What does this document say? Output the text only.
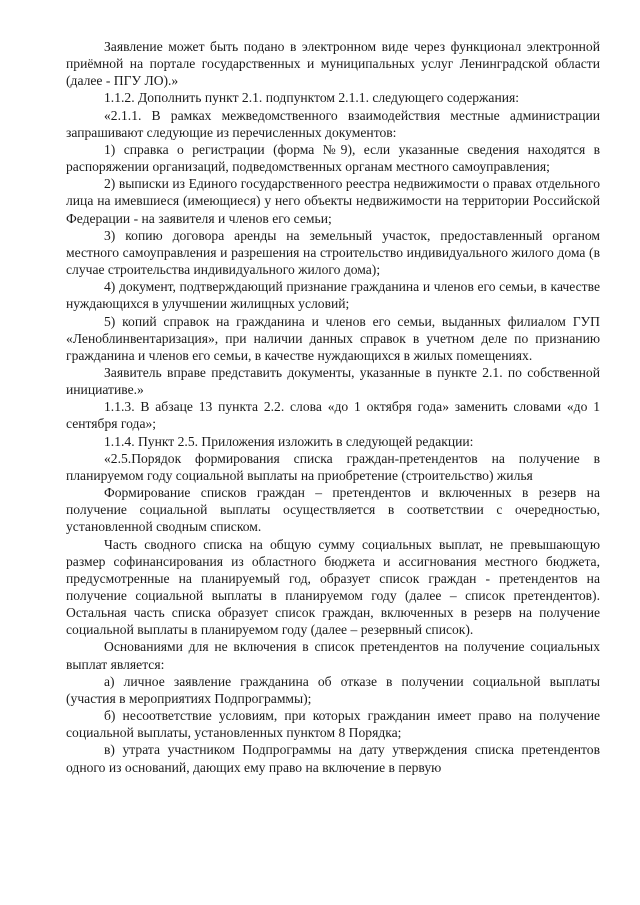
Заявление может быть подано в электронном виде через функционал электронной приёмной на портале государственных и муниципальных услуг Ленинградской области (далее - ПГУ ЛО).»

1.1.2. Дополнить пункт 2.1. подпунктом 2.1.1. следующего содержания:

«2.1.1. В рамках межведомственного взаимодействия местные администрации запрашивают следующие из перечисленных документов:

1) справка о регистрации (форма №9), если указанные сведения находятся в распоряжении организаций, подведомственных органам местного самоуправления;

2) выписки из Единого государственного реестра недвижимости о правах отдельного лица на имевшиеся (имеющиеся) у него объекты недвижимости на территории Российской Федерации - на заявителя и членов его семьи;

3) копию договора аренды на земельный участок, предоставленный органом местного самоуправления и разрешения на строительство индивидуального жилого дома (в случае строительства индивидуального жилого дома);

4) документ, подтверждающий признание гражданина и членов его семьи, в качестве нуждающихся в улучшении жилищных условий;

5) копий справок на гражданина и членов его семьи, выданных филиалом ГУП «Леноблинвентаризация», при наличии данных справок в учетном деле по признанию гражданина и членов его семьи, в качестве нуждающихся в жилых помещениях.

Заявитель вправе представить документы, указанные в пункте 2.1. по собственной инициативе.»

1.1.3. В абзаце 13 пункта 2.2. слова «до 1 октября года» заменить словами «до 1 сентября года»;

1.1.4. Пункт 2.5. Приложения изложить в следующей редакции:

«2.5.Порядок формирования списка граждан-претендентов на получение в планируемом году социальной выплаты на приобретение (строительство) жилья

Формирование списков граждан – претендентов и включенных в резерв на получение социальной выплаты осуществляется в соответствии с очередностью, установленной сводным списком.

Часть сводного списка на общую сумму социальных выплат, не превышающую размер софинансирования из областного бюджета и ассигнования местного бюджета, предусмотренные на планируемый год, образует список граждан - претендентов на получение социальной выплаты в планируемом году (далее – список претендентов). Остальная часть списка образует список граждан, включенных в резерв на получение социальной выплаты в планируемом году (далее – резервный список).

Основаниями для не включения в список претендентов на получение социальных выплат является:

а) личное заявление гражданина об отказе в получении социальной выплаты (участия в мероприятиях Подпрограммы);

б) несоответствие условиям, при которых гражданин имеет право на получение социальной выплаты, установленных пунктом 8 Порядка;

в) утрата участником Подпрограммы на дату утверждения списка претендентов одного из оснований, дающих ему право на включение в первую
